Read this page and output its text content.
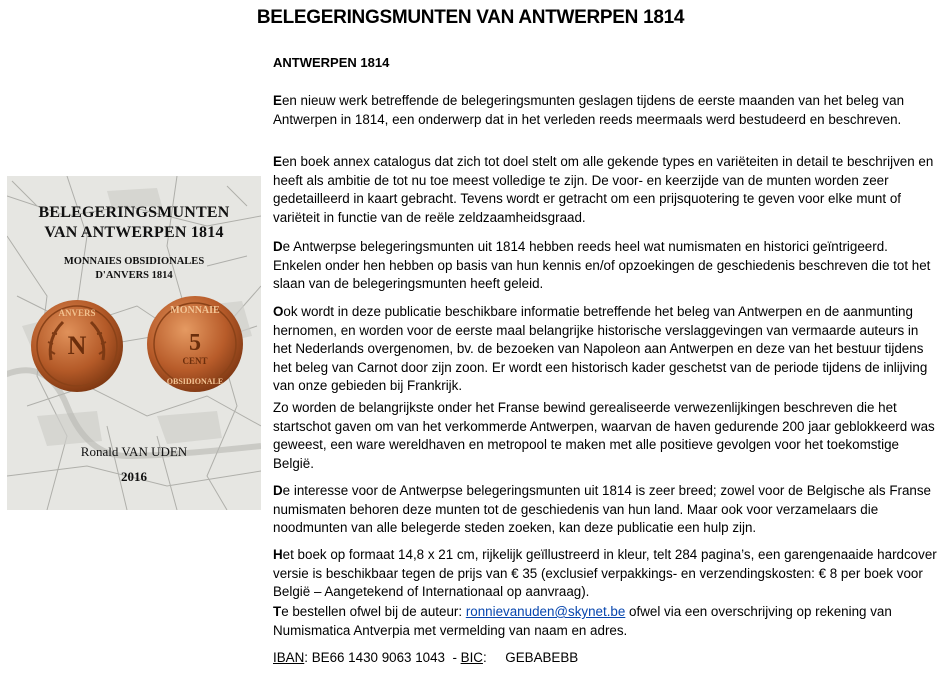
BELEGERINGSMUNTEN VAN ANTWERPEN 1814
BELEGERINGSMUNTEN
VAN ANTWERPEN 1814
MONNAIES OBSIDIONALES
D'ANVERS 1814
N
ANVERS	MONNAIE
5
CENT
OBSIDIONALE
Ronald VAN UDEN
2016
ANTWERPEN 1814

Een nieuw werk betreffende de belegeringsmunten geslagen tijdens de eerste maanden van het beleg van Antwerpen in 1814, een onderwerp dat in het verleden reeds meermaals werd bestudeerd en beschreven.

Een boek annex catalogus dat zich tot doel stelt om alle gekende types en variëteiten in detail te beschrijven en heeft als ambitie de tot nu toe meest volledige te zijn. De voor- en keerzijde van de munten worden zeer gedetailleerd in kaart gebracht. Tevens wordt er getracht om een prijsquotering te geven voor elke munt of variëteit in functie van de reële zeldzaamheidsgraad.

De Antwerpse belegeringsmunten uit 1814 hebben reeds heel wat numismaten en historici geïntrigeerd. Enkelen onder hen hebben op basis van hun kennis en/of opzoekingen de geschiedenis beschreven die tot het slaan van de belegeringsmunten heeft geleid.

Ook wordt in deze publicatie beschikbare informatie betreffende het beleg van Antwerpen en de aanmunting hernomen, en worden voor de eerste maal belangrijke historische verslaggevingen van vermaarde auteurs in het Nederlands overgenomen, bv. de bezoeken van Napoleon aan Antwerpen en deze van het bestuur tijdens het beleg van Carnot door zijn zoon. Er wordt een historisch kader geschetst van de periode tijdens de inlijving van onze gebieden bij Frankrijk.

Zo worden de belangrijkste onder het Franse bewind gerealiseerde verwezenlijkingen beschreven die het startschot gaven om van het verkommerde Antwerpen, waarvan de haven gedurende 200 jaar geblokkeerd was geweest, een ware wereldhaven en metropool te maken met alle positieve gevolgen voor het toekomstige België.

De interesse voor de Antwerpse belegeringsmunten uit 1814 is zeer breed; zowel voor de Belgische als Franse numismaten behoren deze munten tot de geschiedenis van hun land. Maar ook voor verzamelaars die noodmunten van alle belegerde steden zoeken, kan deze publicatie een hulp zijn.

Het boek op formaat 14,8 x 21 cm, rijkelijk geïllustreerd in kleur, telt 284 pagina’s, een garengenaaide hardcover versie is beschikbaar tegen de prijs van € 35 (exclusief verpakkings- en verzendingskosten: € 8 per boek voor België – Aangetekend of Internationaal op aanvraag).

Te bestellen ofwel bij de auteur: ronnievanuden@skynet.be ofwel via een overschrijving op rekening van Numismatica Antverpia met vermelding van naam en adres.

IBAN: BE66 1430 9063 1043 - BIC:     GEBABEBB
